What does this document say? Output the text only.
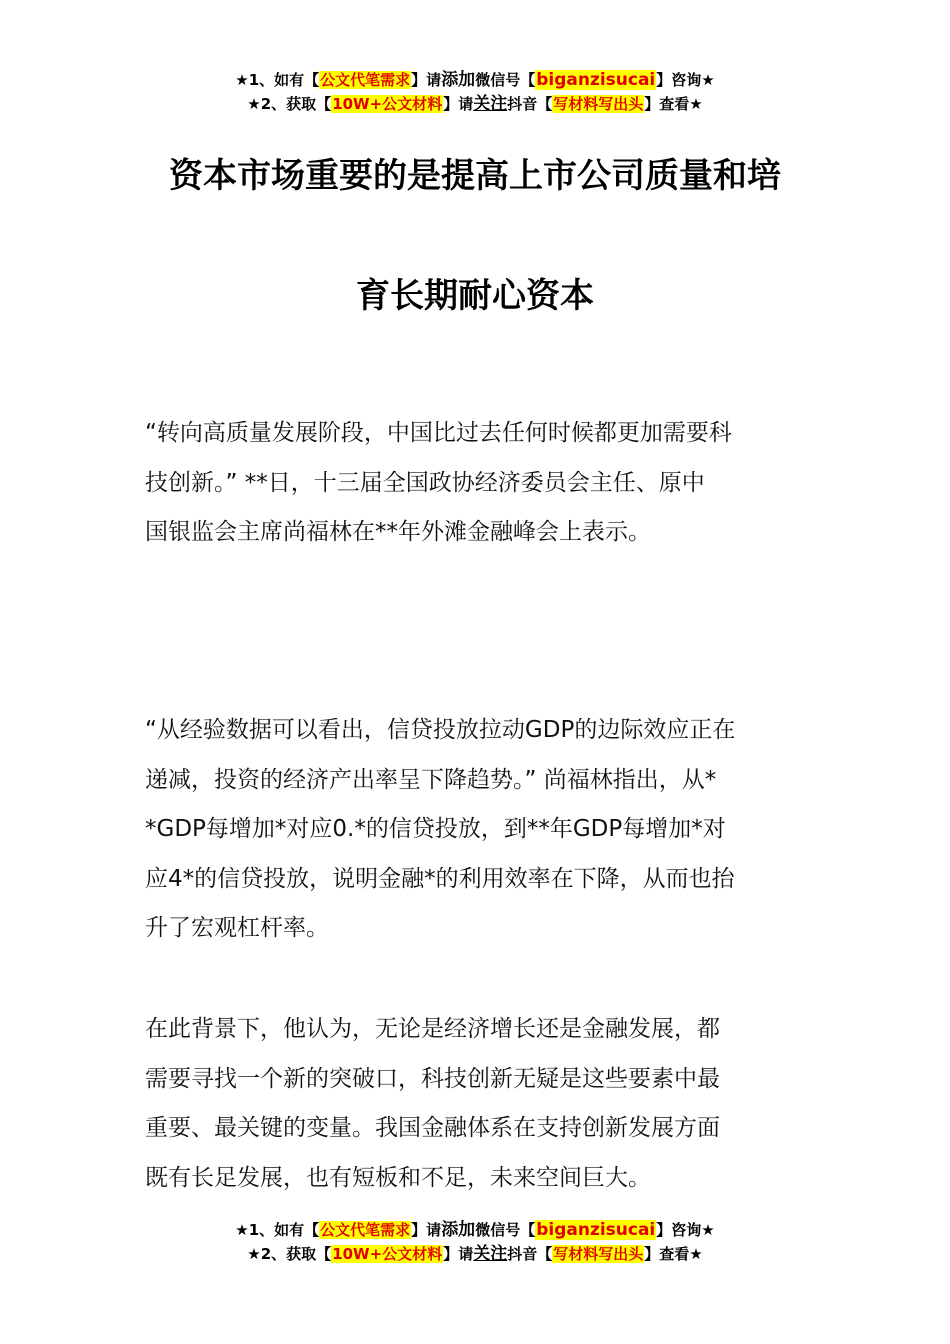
★1、如有【公文代笔需求】请添加微信号【biganzisucai】咨询★
★2、获取【10W+公文材料】请关注抖音【写材料写出头】查看★
资本市场重要的是提高上市公司质量和培
育长期耐心资本

“转向高质量发展阶段，中国比过去任何时候都更加需要科
技创新。” **日，十三届全国政协经济委员会主任、原中
国银监会主席尚福林在**年外滩金融峰会上表示。

“从经验数据可以看出，信贷投放拉动GDP的边际效应正在
递减，投资的经济产出率呈下降趋势。” 尚福林指出，从*
*GDP每增加*对应0.*的信贷投放，到**年GDP每增加*对
应4*的信贷投放，说明金融*的利用效率在下降，从而也抬
升了宏观杠杆率。

在此背景下，他认为，无论是经济增长还是金融发展，都
需要寻找一个新的突破口，科技创新无疑是这些要素中最
重要、最关键的变量。我国金融体系在支持创新发展方面
既有长足发展，也有短板和不足，未来空间巨大。

★1、如有【公文代笔需求】请添加微信号【biganzisucai】咨询★
★2、获取【10W+公文材料】请关注抖音【写材料写出头】查看★
